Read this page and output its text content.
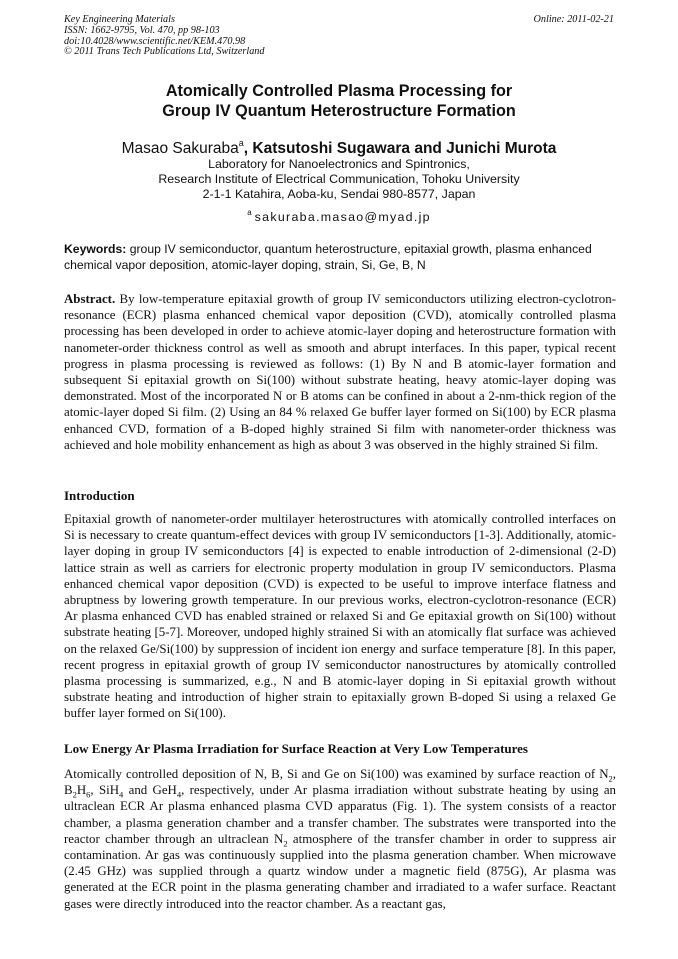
Key Engineering Materials
ISSN: 1662-9795, Vol. 470, pp 98-103
doi:10.4028/www.scientific.net/KEM.470.98
© 2011 Trans Tech Publications Ltd, Switzerland
Online: 2011-02-21
Atomically Controlled Plasma Processing for
Group IV Quantum Heterostructure Formation
Masao Sakuraba$^a$, Katsutoshi Sugawara and Junichi Murota
Laboratory for Nanoelectronics and Spintronics,
Research Institute of Electrical Communication, Tohoku University
2-1-1 Katahira, Aoba-ku, Sendai 980-8577, Japan
$^a$ sakuraba.masao@myad.jp
Keywords: group IV semiconductor, quantum heterostructure, epitaxial growth, plasma enhanced chemical vapor deposition, atomic-layer doping, strain, Si, Ge, B, N
Abstract. By low-temperature epitaxial growth of group IV semiconductors utilizing electron-cyclotron-resonance (ECR) plasma enhanced chemical vapor deposition (CVD), atomically controlled plasma processing has been developed in order to achieve atomic-layer doping and heterostructure formation with nanometer-order thickness control as well as smooth and abrupt interfaces. In this paper, typical recent progress in plasma processing is reviewed as follows: (1) By N and B atomic-layer formation and subsequent Si epitaxial growth on Si(100) without substrate heating, heavy atomic-layer doping was demonstrated. Most of the incorporated N or B atoms can be confined in about a 2-nm-thick region of the atomic-layer doped Si film. (2) Using an 84 % relaxed Ge buffer layer formed on Si(100) by ECR plasma enhanced CVD, formation of a B-doped highly strained Si film with nanometer-order thickness was achieved and hole mobility enhancement as high as about 3 was observed in the highly strained Si film.
Introduction
Epitaxial growth of nanometer-order multilayer heterostructures with atomically controlled interfaces on Si is necessary to create quantum-effect devices with group IV semiconductors [1-3]. Additionally, atomic-layer doping in group IV semiconductors [4] is expected to enable introduction of 2-dimensional (2-D) lattice strain as well as carriers for electronic property modulation in group IV semiconductors. Plasma enhanced chemical vapor deposition (CVD) is expected to be useful to improve interface flatness and abruptness by lowering growth temperature. In our previous works, electron-cyclotron-resonance (ECR) Ar plasma enhanced CVD has enabled strained or relaxed Si and Ge epitaxial growth on Si(100) without substrate heating [5-7]. Moreover, undoped highly strained Si with an atomically flat surface was achieved on the relaxed Ge/Si(100) by suppression of incident ion energy and surface temperature [8]. In this paper, recent progress in epitaxial growth of group IV semiconductor nanostructures by atomically controlled plasma processing is summarized, e.g., N and B atomic-layer doping in Si epitaxial growth without substrate heating and introduction of higher strain to epitaxially grown B-doped Si using a relaxed Ge buffer layer formed on Si(100).
Low Energy Ar Plasma Irradiation for Surface Reaction at Very Low Temperatures
Atomically controlled deposition of N, B, Si and Ge on Si(100) was examined by surface reaction of $N_2$, $B_2H_6$, SiH$_4$ and GeH$_4$, respectively, under Ar plasma irradiation without substrate heating by using an ultraclean ECR Ar plasma enhanced plasma CVD apparatus (Fig. 1). The system consists of a reactor chamber, a plasma generation chamber and a transfer chamber. The substrates were transported into the reactor chamber through an ultraclean $N_2$ atmosphere of the transfer chamber in order to suppress air contamination. Ar gas was continuously supplied into the plasma generation chamber. When microwave (2.45 GHz) was supplied through a quartz window under a magnetic field (875G), Ar plasma was generated at the ECR point in the plasma generating chamber and irradiated to a wafer surface. Reactant gases were directly introduced into the reactor chamber. As a reactant gas,
